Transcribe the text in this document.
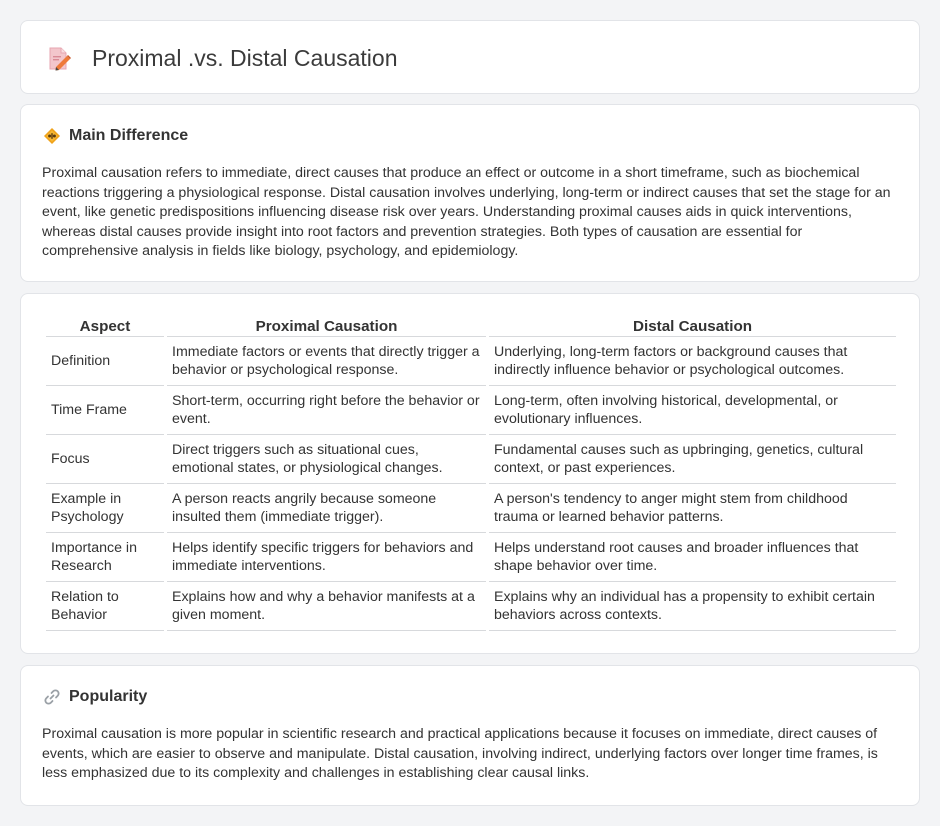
Proximal .vs. Distal Causation
Main Difference

Proximal causation refers to immediate, direct causes that produce an effect or outcome in a short timeframe, such as biochemical reactions triggering a physiological response. Distal causation involves underlying, long-term or indirect causes that set the stage for an event, like genetic predispositions influencing disease risk over years. Understanding proximal causes aids in quick interventions, whereas distal causes provide insight into root factors and prevention strategies. Both types of causation are essential for comprehensive analysis in fields like biology, psychology, and epidemiology.

Aspect	Proximal Causation	Distal Causation
Definition	Immediate factors or events that directly trigger a behavior or psychological response.	Underlying, long-term factors or background causes that indirectly influence behavior or psychological outcomes.
Time Frame	Short-term, occurring right before the behavior or event.	Long-term, often involving historical, developmental, or evolutionary influences.
Focus	Direct triggers such as situational cues, emotional states, or physiological changes.	Fundamental causes such as upbringing, genetics, cultural context, or past experiences.
Example in Psychology	A person reacts angrily because someone insulted them (immediate trigger).	A person's tendency to anger might stem from childhood trauma or learned behavior patterns.
Importance in Research	Helps identify specific triggers for behaviors and immediate interventions.	Helps understand root causes and broader influences that shape behavior over time.
Relation to Behavior	Explains how and why a behavior manifests at a given moment.	Explains why an individual has a propensity to exhibit certain behaviors across contexts.
Popularity

Proximal causation is more popular in scientific research and practical applications because it focuses on immediate, direct causes of events, which are easier to observe and manipulate. Distal causation, involving indirect, underlying factors over longer time frames, is less emphasized due to its complexity and challenges in establishing clear causal links.
